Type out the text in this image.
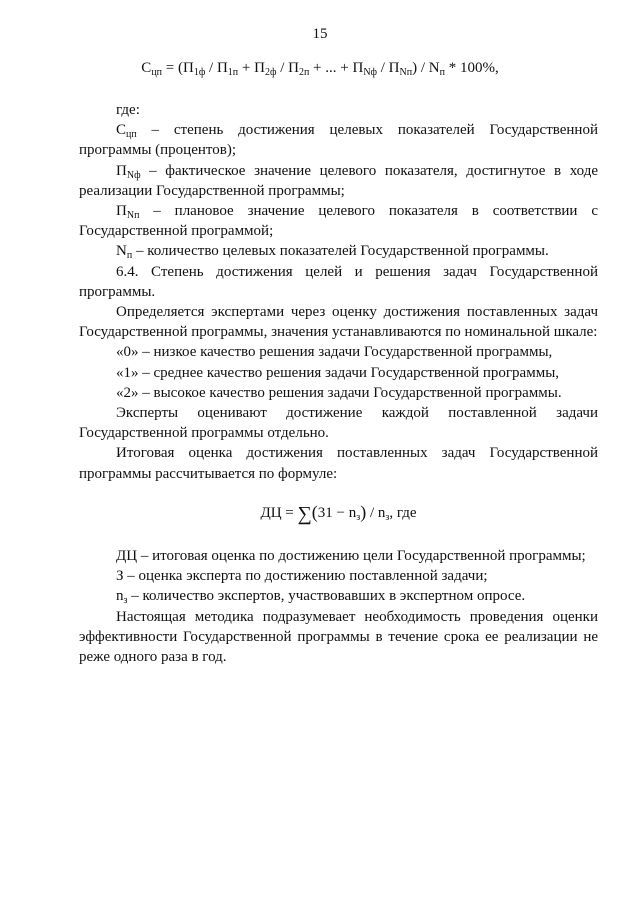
15
$С_{цп} = (П_{1ф} / П_{1п} + П_{2ф} / П_{2п}$ + ... + $П_{Nф} / П_{Nп}) / N_п * 100\%$,

где:

$С_{цп}$ – степень достижения целевых показателей Государственной программы (процентов);

$П_{Nф}$ – фактическое значение целевого показателя, достигнутое в ходе реализации Государственной программы;

$П_{Nп}$ – плановое значение целевого показателя в соответствии с Государственной программой;

$N_п$ – количество целевых показателей Государственной программы.

6.4. Степень достижения целей и решения задач Государственной программы.

Определяется экспертами через оценку достижения поставленных задач Государственной программы, значения устанавливаются по номинальной шкале:

«0» – низкое качество решения задачи Государственной программы,

«1» – среднее качество решения задачи Государственной программы,

«2» – высокое качество решения задачи Государственной программы.

Эксперты оценивают достижение каждой поставленной задачи Государственной программы отдельно.

Итоговая оценка достижения поставленных задач Государственной программы рассчитывается по формуле:

ДЦ = $\sum(31 - n_з) / n_з$, где

ДЦ – итоговая оценка по достижению цели Государственной программы;

З – оценка эксперта по достижению поставленной задачи;

$n_з$ – количество экспертов, участвовавших в экспертном опросе.

Настоящая методика подразумевает необходимость проведения оценки эффективности Государственной программы в течение срока ее реализации не реже одного раза в год.
